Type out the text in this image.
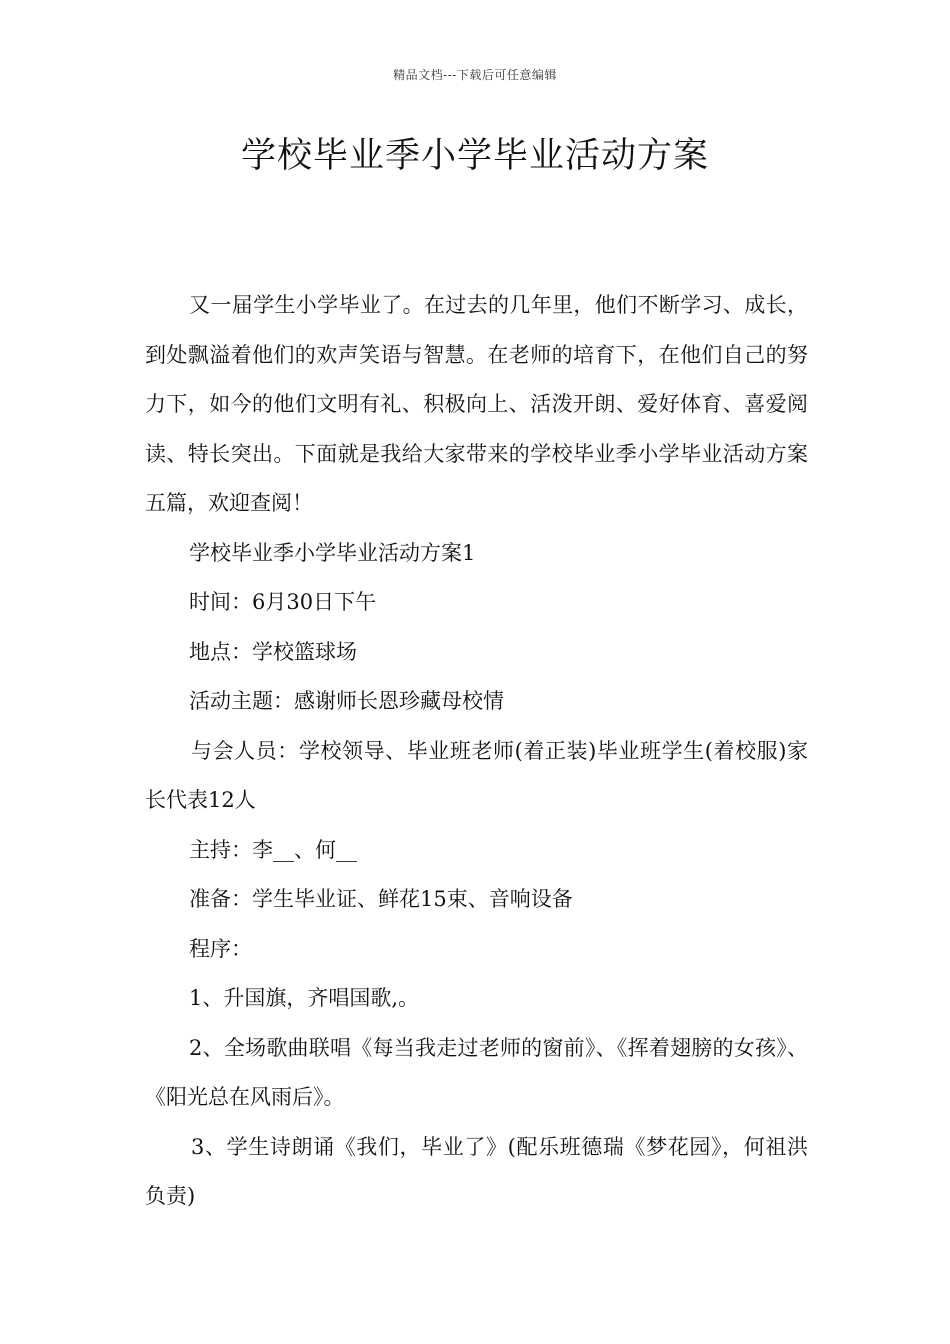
精品文档---下载后可任意编辑
学校毕业季小学毕业活动方案

又一届学生小学毕业了。在过去的几年里，他们不断学习、成长，到处飘溢着他们的欢声笑语与智慧。在老师的培育下，在他们自己的努力下，如今的他们文明有礼、积极向上、活泼开朗、爱好体育、喜爱阅读、特长突出。下面就是我给大家带来的学校毕业季小学毕业活动方案五篇，欢迎查阅！

学校毕业季小学毕业活动方案1

时间：6月30日下午

地点：学校篮球场

活动主题：感谢师长恩珍藏母校情

与会人员：学校领导、毕业班老师(着正装)毕业班学生(着校服)家长代表12人

主持：李__、何__

准备：学生毕业证、鲜花15束、音响设备

程序：

1、升国旗，齐唱国歌,。

2、全场歌曲联唱《每当我走过老师的窗前》、《挥着翅膀的女孩》、《阳光总在风雨后》。

3、学生诗朗诵《我们，毕业了》(配乐班德瑞《梦花园》，何祖洪负责)
